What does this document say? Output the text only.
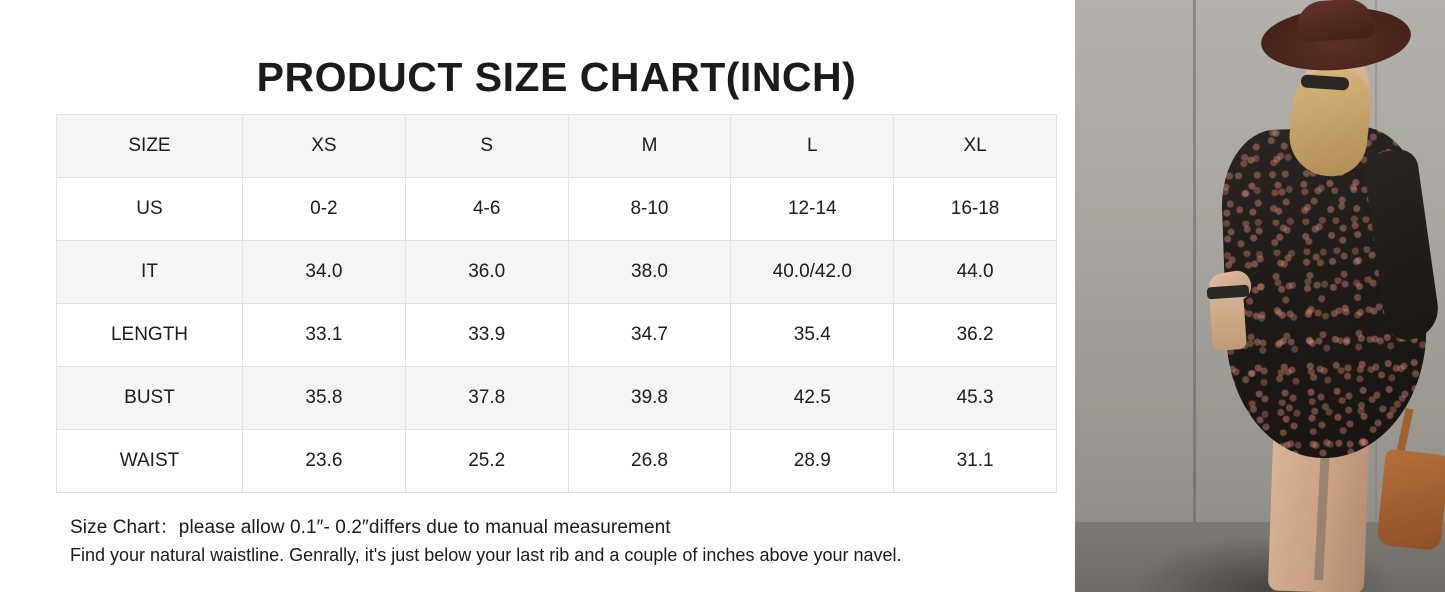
PRODUCT SIZE CHART(INCH)
SIZE	XS	S	M	L	XL
US	0-2	4-6	8-10	12-14	16-18
IT	34.0	36.0	38.0	40.0/42.0	44.0
LENGTH	33.1	33.9	34.7	35.4	36.2
BUST	35.8	37.8	39.8	42.5	45.3
WAIST	23.6	25.2	26.8	28.9	31.1
Size Chart：please allow 0.1″- 0.2″differs due to manual measurement
Find your natural waistline. Genrally, it's just below your last rib and a couple of inches above your navel.
